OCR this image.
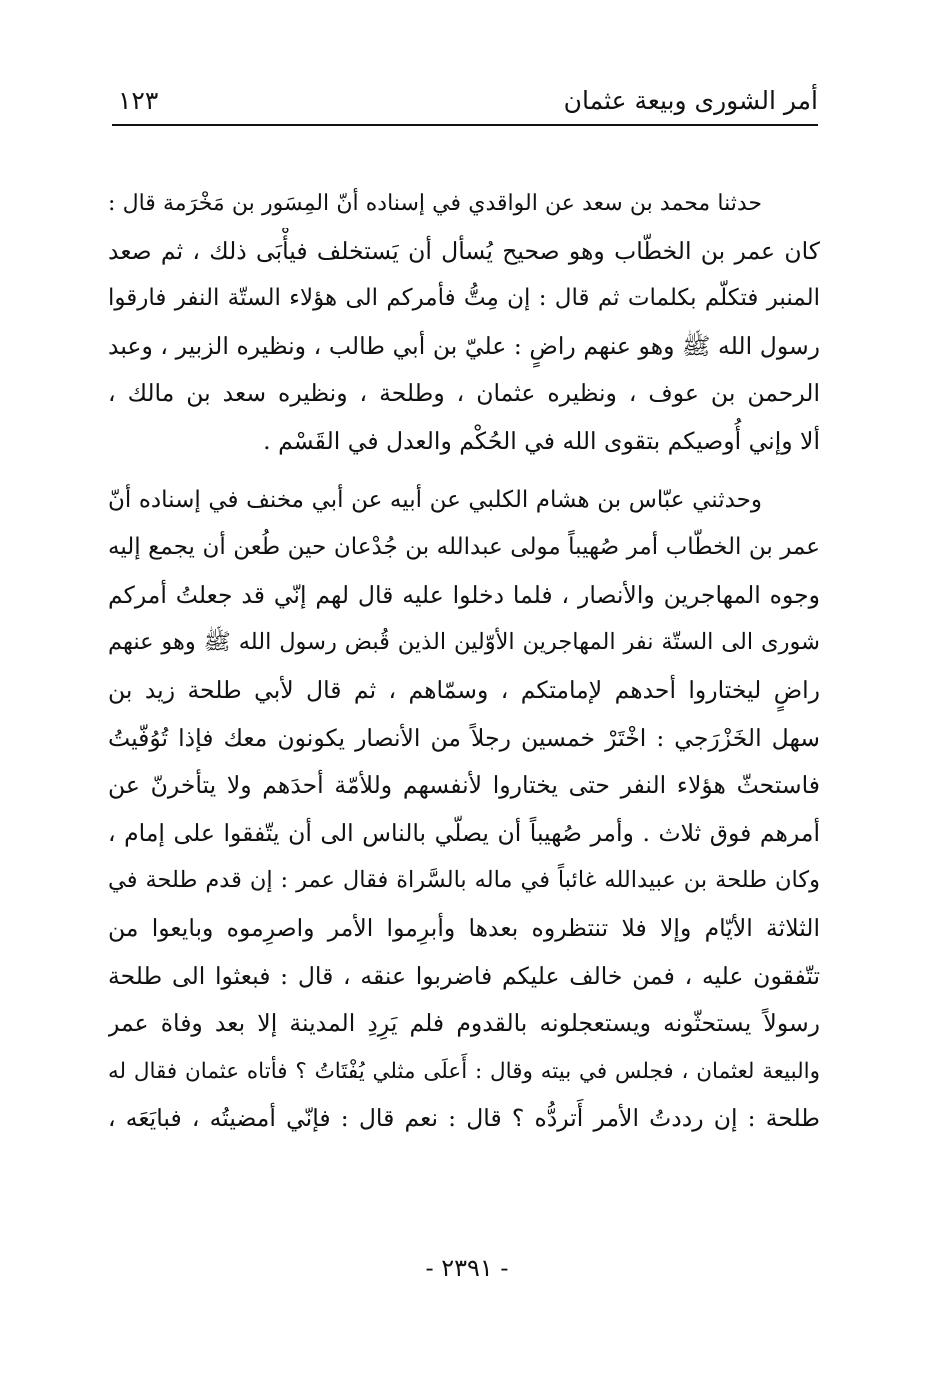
أمر الشورى وبيعة عثمان
١٢٣
حدثنا محمد بن سعد عن الواقدي في إسناده أنّ المِسَور بن مَخْرَمة قال :
كان عمر بن الخطّاب وهو صحيح يُسأل أن يَستخلف فيأْبَى ذلك ، ثم صعد
المنبر فتكلّم بكلمات ثم قال : إن مِتُّ فأمركم الى هؤلاء الستّة النفر فارقوا
رسول الله ﷺ وهو عنهم راضٍ : عليّ بن أبي طالب ، ونظيره الزبير ، وعبد
الرحمن بن عوف ، ونظيره عثمان ، وطلحة ، ونظيره سعد بن مالك ،
ألا وإني أُوصيكم بتقوى الله في الحُكْم والعدل في القَسْم .
وحدثني عبّاس بن هشام الكلبي عن أبيه عن أبي مخنف في إسناده أنّ
عمر بن الخطّاب أمر صُهيباً مولى عبدالله بن جُدْعان حين طُعن أن يجمع إليه
وجوه المهاجرين والأنصار ، فلما دخلوا عليه قال لهم إنّي قد جعلتُ أمركم
شورى الى الستّة نفر المهاجرين الأوّلين الذين قُبض رسول الله ﷺ وهو عنهم
راضٍ ليختاروا أحدهم لإمامتكم ، وسمّاهم ، ثم قال لأبي طلحة زيد بن
سهل الخَزْرَجي : اخْتَرْ خمسين رجلاً من الأنصار يكونون معك فإذا تُوُفّيتُ
فاستحثّ هؤلاء النفر حتى يختاروا لأنفسهم وللأمّة أحدَهم ولا يتأخرنّ عن
أمرهم فوق ثلاث . وأمر صُهيباً أن يصلّي بالناس الى أن يتّفقوا على إمام ،
وكان طلحة بن عبيدالله غائباً في ماله بالسَّراة فقال عمر : إن قدم طلحة في
الثلاثة الأيّام وإلا فلا تنتظروه بعدها وأبرِموا الأمر واصرِموه وبايعوا من
تتّفقون عليه ، فمن خالف عليكم فاضربوا عنقه ، قال : فبعثوا الى طلحة
رسولاً يستحثّونه ويستعجلونه بالقدوم فلم يَرِدِ المدينة إلا بعد وفاة عمر
والبيعة لعثمان ، فجلس في بيته وقال : أَعلَى مثلي يُفْتَاتُ ؟ فأتاه عثمان فقال له
طلحة : إن رددتُ الأمر أَتردُّه ؟ قال : نعم قال : فإنّي أمضيتُه ، فبايَعَه ،
- ٢٣٩١ -
